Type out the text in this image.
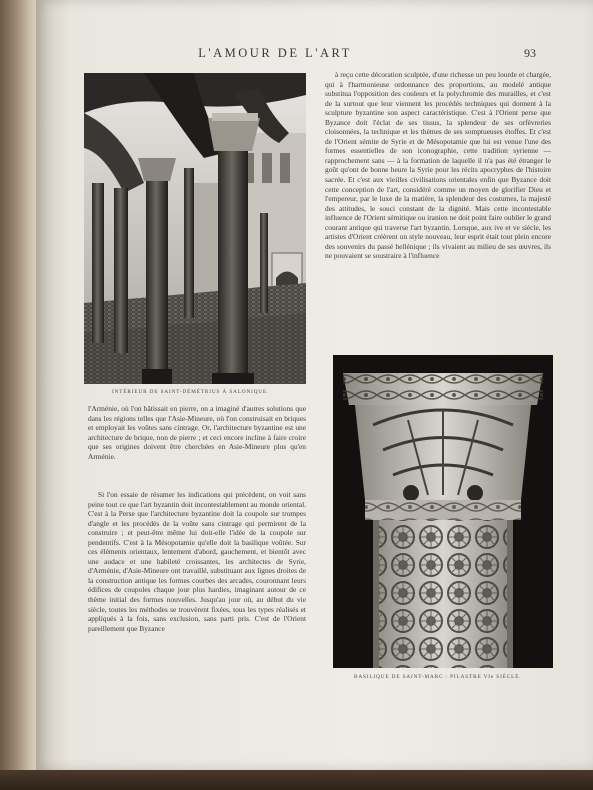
L'AMOUR DE L'ART	93
INTÉRIEUR DE SAINT-DÉMÉTRIUS À SALONIQUE.
BASILIQUE DE SAINT-MARC : PILASTRE VIe SIÈCLE.

à reçu cette décoration sculptée, d'une richesse un peu lourde et chargée, qui à l'harmonieuse ordonnance des proportions, au modelé antique substitua l'opposition des couleurs et la polychromie des murailles, et c'est de la surtout que leur viennent les procédés techniques qui donnent à la sculpture byzantine son aspect caractéristique. C'est à l'Orient perse que Byzance doit l'éclat de ses tissus, la splendeur de ses orfèvreries cloisonnées, la technique et les thèmes de ses somptueuses étoffes. Et c'est de l'Orient sémite de Syrie et de Mésopotamie que lui est venue l'une des formes essentielles de son iconographie, cette tradition syrienne — rapprochement sans — à la formation de laquelle il n'a pas été étranger le goût qu'ont de bonne heure la Syrie pour les récits apocryphes de l'histoire sacrée. Et c'est aux vieilles civilisations orientales enfin que Byzance doit cette conception de l'art, considéré comme un moyen de glorifier Dieu et l'empereur, par le luxe de la matière, la splendeur des costumes, la majesté des attitudes, le souci constant de la dignité. Mais cette incontestable influence de l'Orient sémitique ou iranien ne doit point faire oublier le grand courant antique qui traverse l'art byzantin. Lorsque, aux ive et ve siècle, les artistes d'Orient créèrent un style nouveau, leur esprit était tout plein encore des souvenirs du passé hellénique ; ils vivaient au milieu de ses œuvres, ils ne pouvaient se soustraire à l'influence

l'Arménie, où l'on bâtissait en pierre, on a imaginé d'autres solutions que dans les régions telles que l'Asie-Mineure, où l'on construisait en briques et employait les voûtes sans cintrage. Or, l'architecture byzantine est une architecture de brique, non de pierre ; et ceci encore incline à faire croire que ses origines doivent être cherchées en Asie-Mineure plus qu'en Arménie.

Si l'on essaie de résumer les indications qui précèdent, on voit sans peine tout ce que l'art byzantin doit incontestablement au monde oriental. C'est à la Perse que l'architecture byzantine doit la coupole sur trompes d'angle et les procédés de la voûte sans cintrage qui permirent de la construire ; et peut-être même lui doit-elle l'idée de la coupole sur pendentifs. C'est à la Mésopotamie qu'elle doit la basilique voûtée. Sur ces éléments orientaux, lentement d'abord, gauchement, et bientôt avec une audace et une habileté croissantes, les architectes de Syrie, d'Arménie, d'Asie-Mineure ont travaillé, substituant aux lignes droites de la construction antique les formes courbes des arcades, couronnant leurs édifices de coupoles chaque jour plus hardies, imaginant autour de ce thème initial des formes nouvelles. Jusqu'au jour où, au début du vie siècle, toutes les méthodes se trouvèrent fixées, tous les types réalisés et appliqués à la fois, sans exclusion, sans parti pris. C'est de l'Orient pareillement que Byzance
